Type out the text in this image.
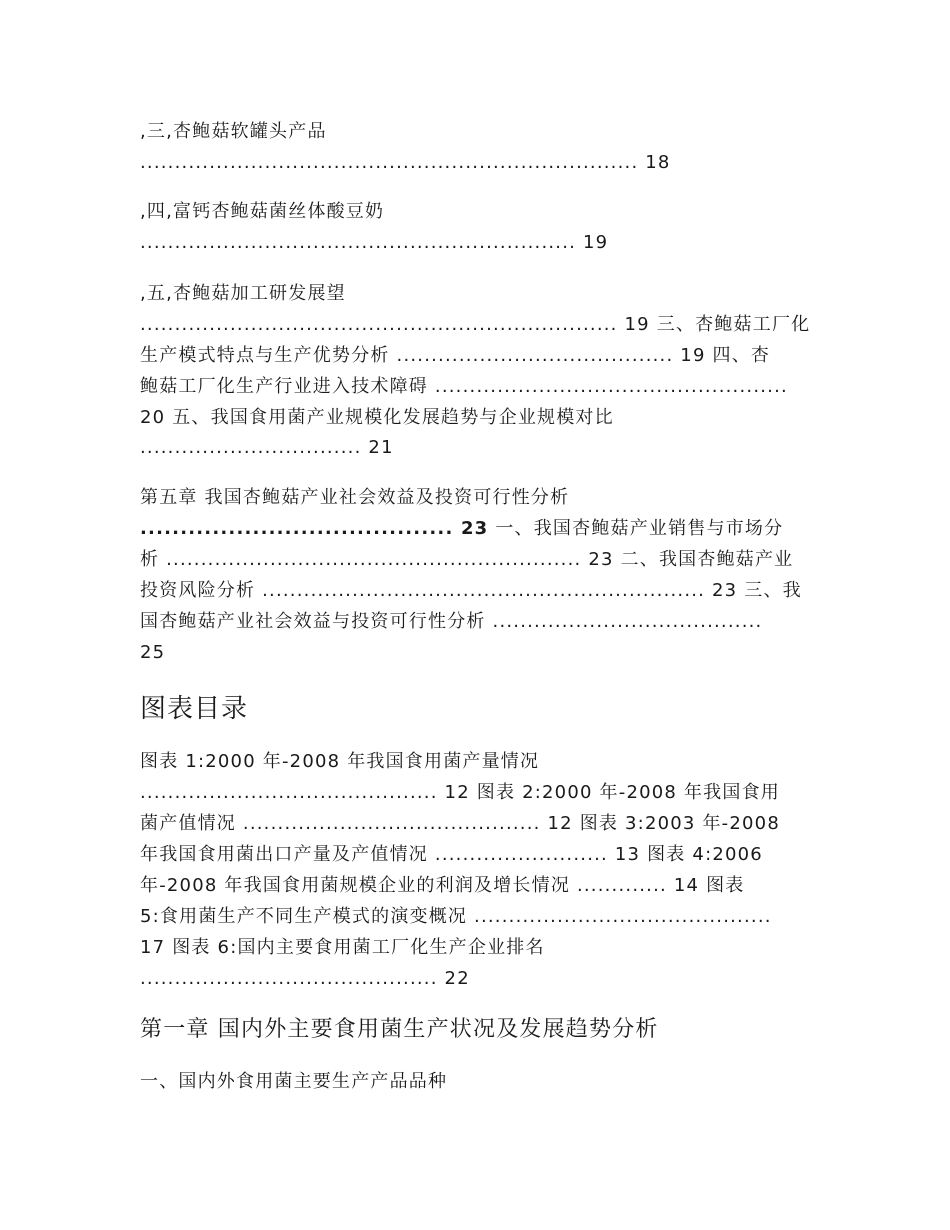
,三,杏鲍菇软罐头产品
........................................................................ 18
,四,富钙杏鲍菇菌丝体酸豆奶
............................................................... 19
,五,杏鲍菇加工研发展望
..................................................................... 19 三、杏鲍菇工厂化
生产模式特点与生产优势分析 ........................................ 19 四、杏
鲍菇工厂化生产行业进入技术障碍 ...................................................
20 五、我国食用菌产业规模化发展趋势与企业规模对比
................................ 21
第五章 我国杏鲍菇产业社会效益及投资可行性分析
....................................... 23 一、我国杏鲍菇产业销售与市场分
析 ............................................................ 23 二、我国杏鲍菇产业
投资风险分析 ................................................................ 23 三、我
国杏鲍菇产业社会效益与投资可行性分析 .......................................
25
图表目录
图表 1:2000 年-2008 年我国食用菌产量情况
........................................... 12 图表 2:2000 年-2008 年我国食用
菌产值情况 ........................................... 12 图表 3:2003 年-2008
年我国食用菌出口产量及产值情况 ......................... 13 图表 4:2006
年-2008 年我国食用菌规模企业的利润及增长情况 ............. 14 图表
5:食用菌生产不同生产模式的演变概况 ...........................................
17 图表 6:国内主要食用菌工厂化生产企业排名
........................................... 22
第一章 国内外主要食用菌生产状况及发展趋势分析
一、国内外食用菌主要生产产品品种
